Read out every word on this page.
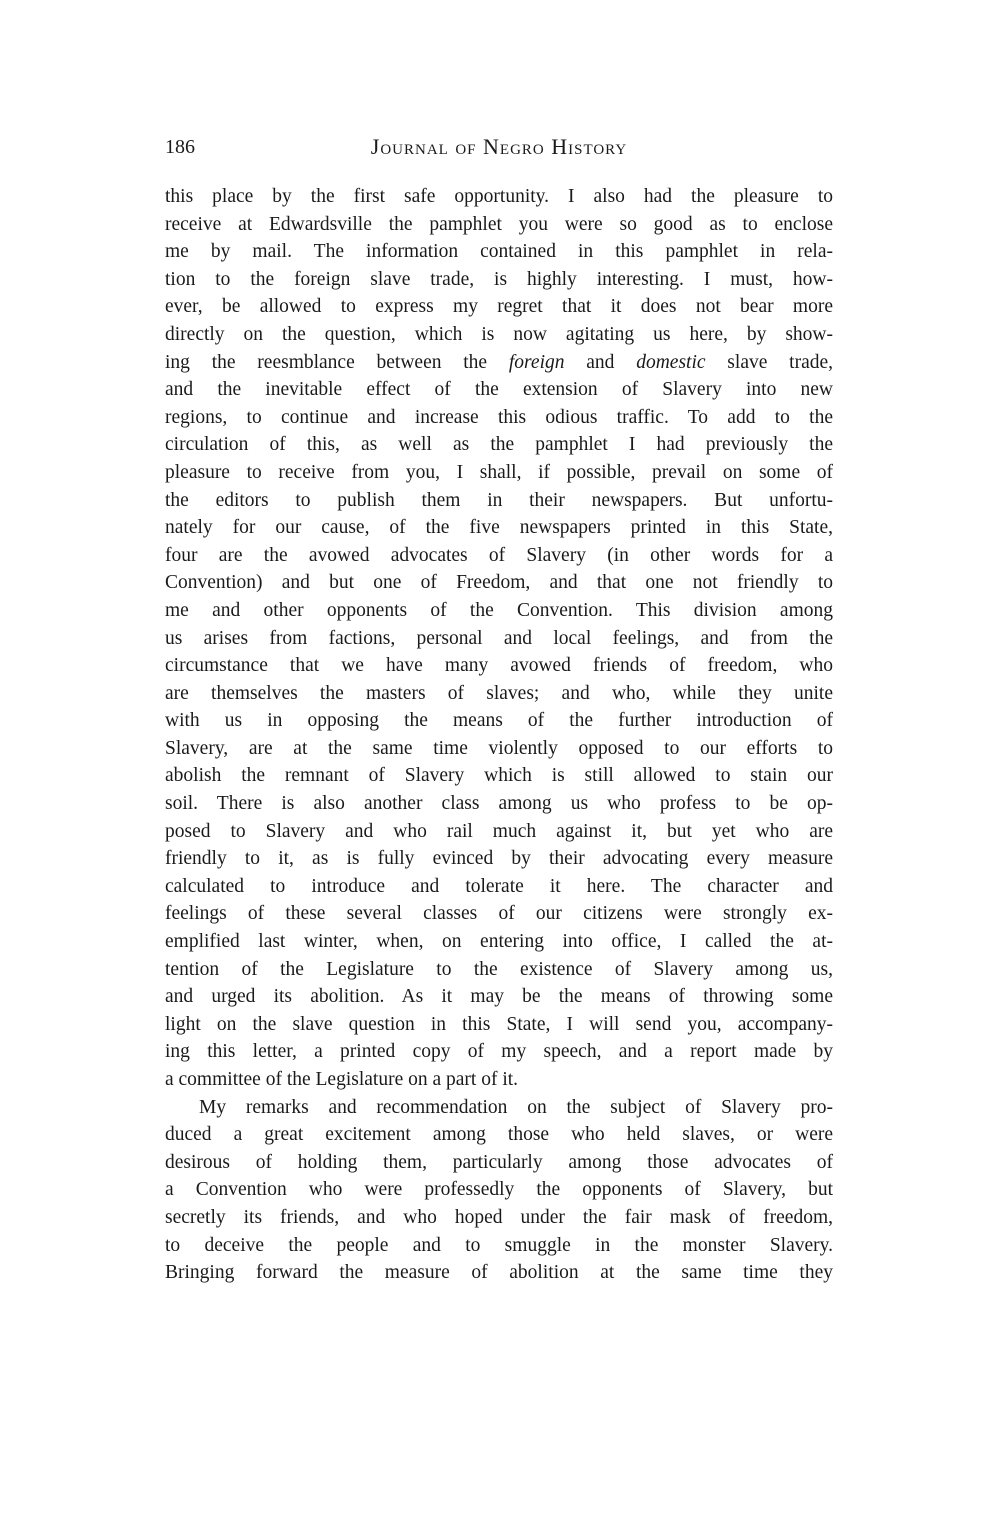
186	Journal of Negro History
this place by the first safe opportunity. I also had the pleasure to
receive at Edwardsville the pamphlet you were so good as to enclose
me by mail. The information contained in this pamphlet in rela-
tion to the foreign slave trade, is highly interesting. I must, how-
ever, be allowed to express my regret that it does not bear more
directly on the question, which is now agitating us here, by show-
ing the reesmblance between the foreign and domestic slave trade,
and the inevitable effect of the extension of Slavery into new
regions, to continue and increase this odious traffic. To add to the
circulation of this, as well as the pamphlet I had previously the
pleasure to receive from you, I shall, if possible, prevail on some of
the editors to publish them in their newspapers. But unfortu-
nately for our cause, of the five newspapers printed in this State,
four are the avowed advocates of Slavery (in other words for a
Convention) and but one of Freedom, and that one not friendly to
me and other opponents of the Convention. This division among
us arises from factions, personal and local feelings, and from the
circumstance that we have many avowed friends of freedom, who
are themselves the masters of slaves; and who, while they unite
with us in opposing the means of the further introduction of
Slavery, are at the same time violently opposed to our efforts to
abolish the remnant of Slavery which is still allowed to stain our
soil. There is also another class among us who profess to be op-
posed to Slavery and who rail much against it, but yet who are
friendly to it, as is fully evinced by their advocating every measure
calculated to introduce and tolerate it here. The character and
feelings of these several classes of our citizens were strongly ex-
emplified last winter, when, on entering into office, I called the at-
tention of the Legislature to the existence of Slavery among us,
and urged its abolition. As it may be the means of throwing some
light on the slave question in this State, I will send you, accompany-
ing this letter, a printed copy of my speech, and a report made by
a committee of the Legislature on a part of it.
My remarks and recommendation on the subject of Slavery pro-
duced a great excitement among those who held slaves, or were
desirous of holding them, particularly among those advocates of
a Convention who were professedly the opponents of Slavery, but
secretly its friends, and who hoped under the fair mask of freedom,
to deceive the people and to smuggle in the monster Slavery.
Bringing forward the measure of abolition at the same time they
